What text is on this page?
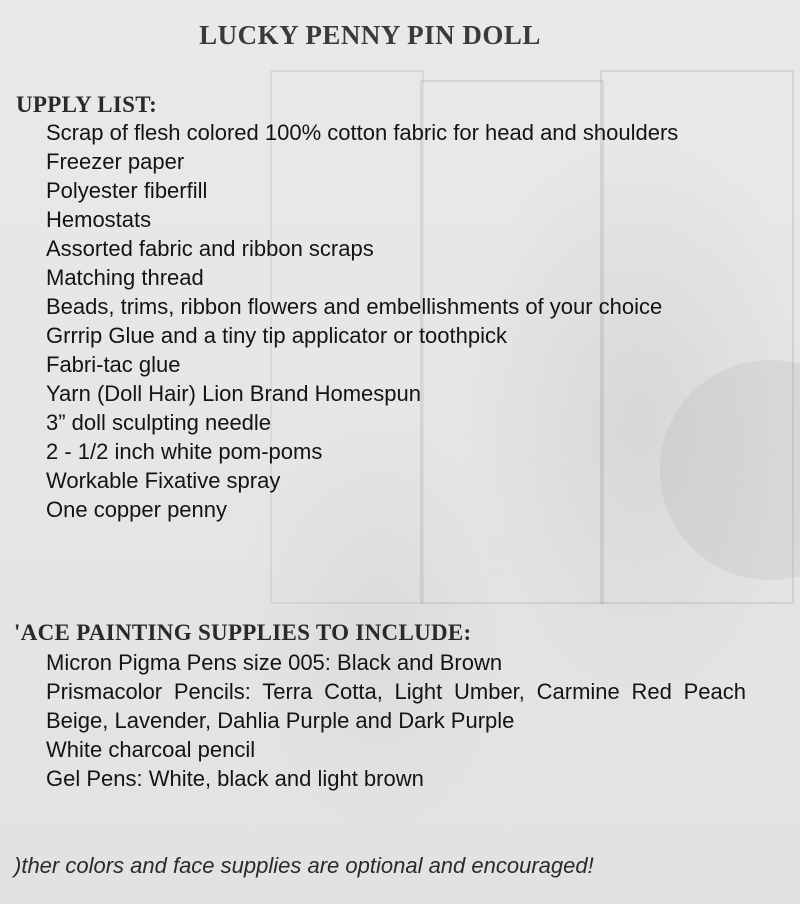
LUCKY PENNY PIN DOLL
UPPLY LIST:
Scrap of flesh colored 100% cotton fabric for head and shoulders
Freezer paper
Polyester fiberfill
Hemostats
Assorted fabric and ribbon scraps
Matching thread
Beads, trims, ribbon flowers and embellishments of your choice
Grrrip Glue and a tiny tip applicator or toothpick
Fabri-tac glue
Yarn (Doll Hair) Lion Brand Homespun
3” doll sculpting needle
2 - 1/2 inch white pom-poms
Workable Fixative spray
One copper penny
'ACE PAINTING SUPPLIES TO INCLUDE:
Micron Pigma Pens size 005: Black and Brown
Prismacolor Pencils: Terra Cotta, Light Umber, Carmine Red Peach Beige, Lavender, Dahlia Purple and Dark Purple
White charcoal pencil
Gel Pens: White, black and light brown
)ther colors and face supplies are optional and encouraged!
